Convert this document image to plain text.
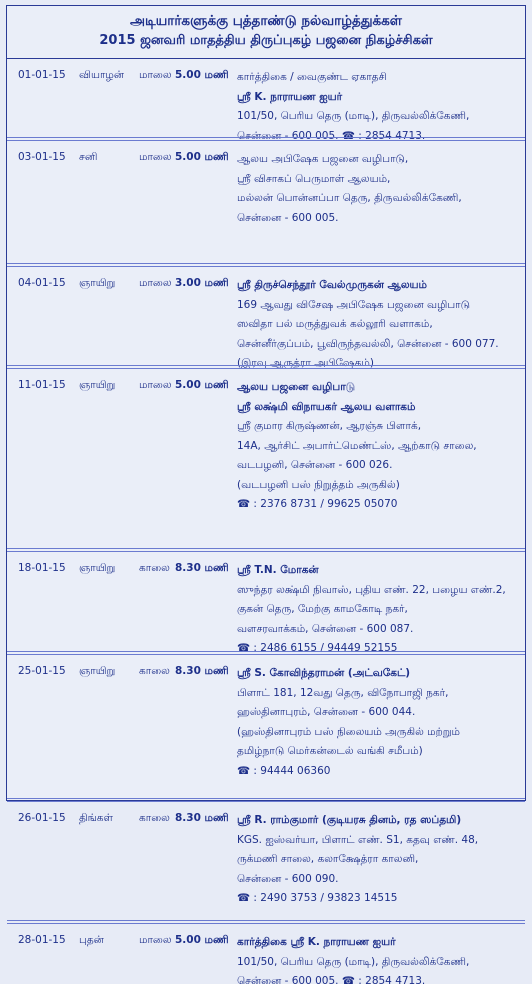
அடியார்களுக்கு புத்தாண்டு நல்வாழ்த்துக்கள்
2015 ஜனவரி மாதத்திய திருப்புகழ் பஜனை நிகழ்ச்சிகள்
01-01-15 வியாழன் மாலை 5.00 மணி கார்த்திகை / வைகுண்ட ஏகாதசி
ஸ்ரீ K. நாராயண ஐயர்
101/50, பெரிய தெரு (மாடி), திருவல்லிக்கேணி,
சென்னை - 600 005. ☎ : 2854 4713.
03-01-15 சனி	மாலை 5.00 மணி ஆலய அபிஷேக பஜனை வழிபாடு,
ஸ்ரீ விசாகப் பெருமாள் ஆலயம்,
மல்லன் பொன்னப்பா தெரு, திருவல்லிக்கேணி,
சென்னை - 600 005.
04-01-15 ஞாயிறு மாலை 3.00 மணி ஸ்ரீ திருச்செந்தூர் வேல்முருகன் ஆலயம்
169 ஆவது விசேஷ அபிஷேக பஜனை வழிபாடு
ஸவிதா பல் மருத்துவக் கல்லூரி வளாகம்,
சென்னீர்குப்பம், பூவிருந்தவல்லி, சென்னை - 600 077.
(இரவு ஆருத்ரா அபிஷேகம்)
11-01-15 ஞாயிறு மாலை 5.00 மணி ஆலய பஜனை வழிபாடு
ஸ்ரீ லக்ஷ்மி விநாயகர் ஆலய வளாகம்
ஸ்ரீ குமார கிருஷ்ணன், ஆரஞ்சு பிளாக்,
14A, ஆர்சிட் அபார்ட்மெண்ட்ஸ், ஆற்காடு சாலை,
வடபழனி, சென்னை - 600 026.
(வடபழனி பஸ் நிறுத்தம் அருகில்)
☎ : 2376 8731 / 99625 05070
18-01-15 ஞாயிறு காலை 8.30 மணி ஸ்ரீ T.N. மோகன்
ஸுந்தர லக்ஷ்மி நிவாஸ், புதிய எண். 22, பழைய எண்.2,
குகன் தெரு, மேற்கு காமகோடி நகர்,
வளசரவாக்கம், சென்னை - 600 087.
☎ : 2486 6155 / 94449 52155
25-01-15 ஞாயிறு காலை 8.30 மணி ஸ்ரீ S. கோவிந்தராமன் (அட்வகேட்)
பிளாட் 181, 12வது தெரு, விநோபாஜி நகர்,
ஹஸ்தினாபுரம், சென்னை - 600 044.
(ஹஸ்தினாபுரம் பஸ் நிலையம் அருகில் மற்றும்
தமிழ்நாடு மெர்கன்டைல் வங்கி சமீபம்)
☎ : 94444 06360
26-01-15 திங்கள் காலை 8.30 மணி ஸ்ரீ R. ராம்குமார் (குடியரசு தினம், ரத ஸப்தமி)
KGS. ஐஸ்வர்யா, பிளாட் எண். S1, கதவு எண். 48,
ருக்மணி சாலை, கலாக்ஷேத்ரா காலனி,
சென்னை - 600 090.
☎ : 2490 3753 / 93823 14515
28-01-15 புதன்	மாலை 5.00 மணி கார்த்திகை ஸ்ரீ K. நாராயண ஐயர்
101/50, பெரிய தெரு (மாடி), திருவல்லிக்கேணி,
சென்னை - 600 005. ☎ : 2854 4713.
